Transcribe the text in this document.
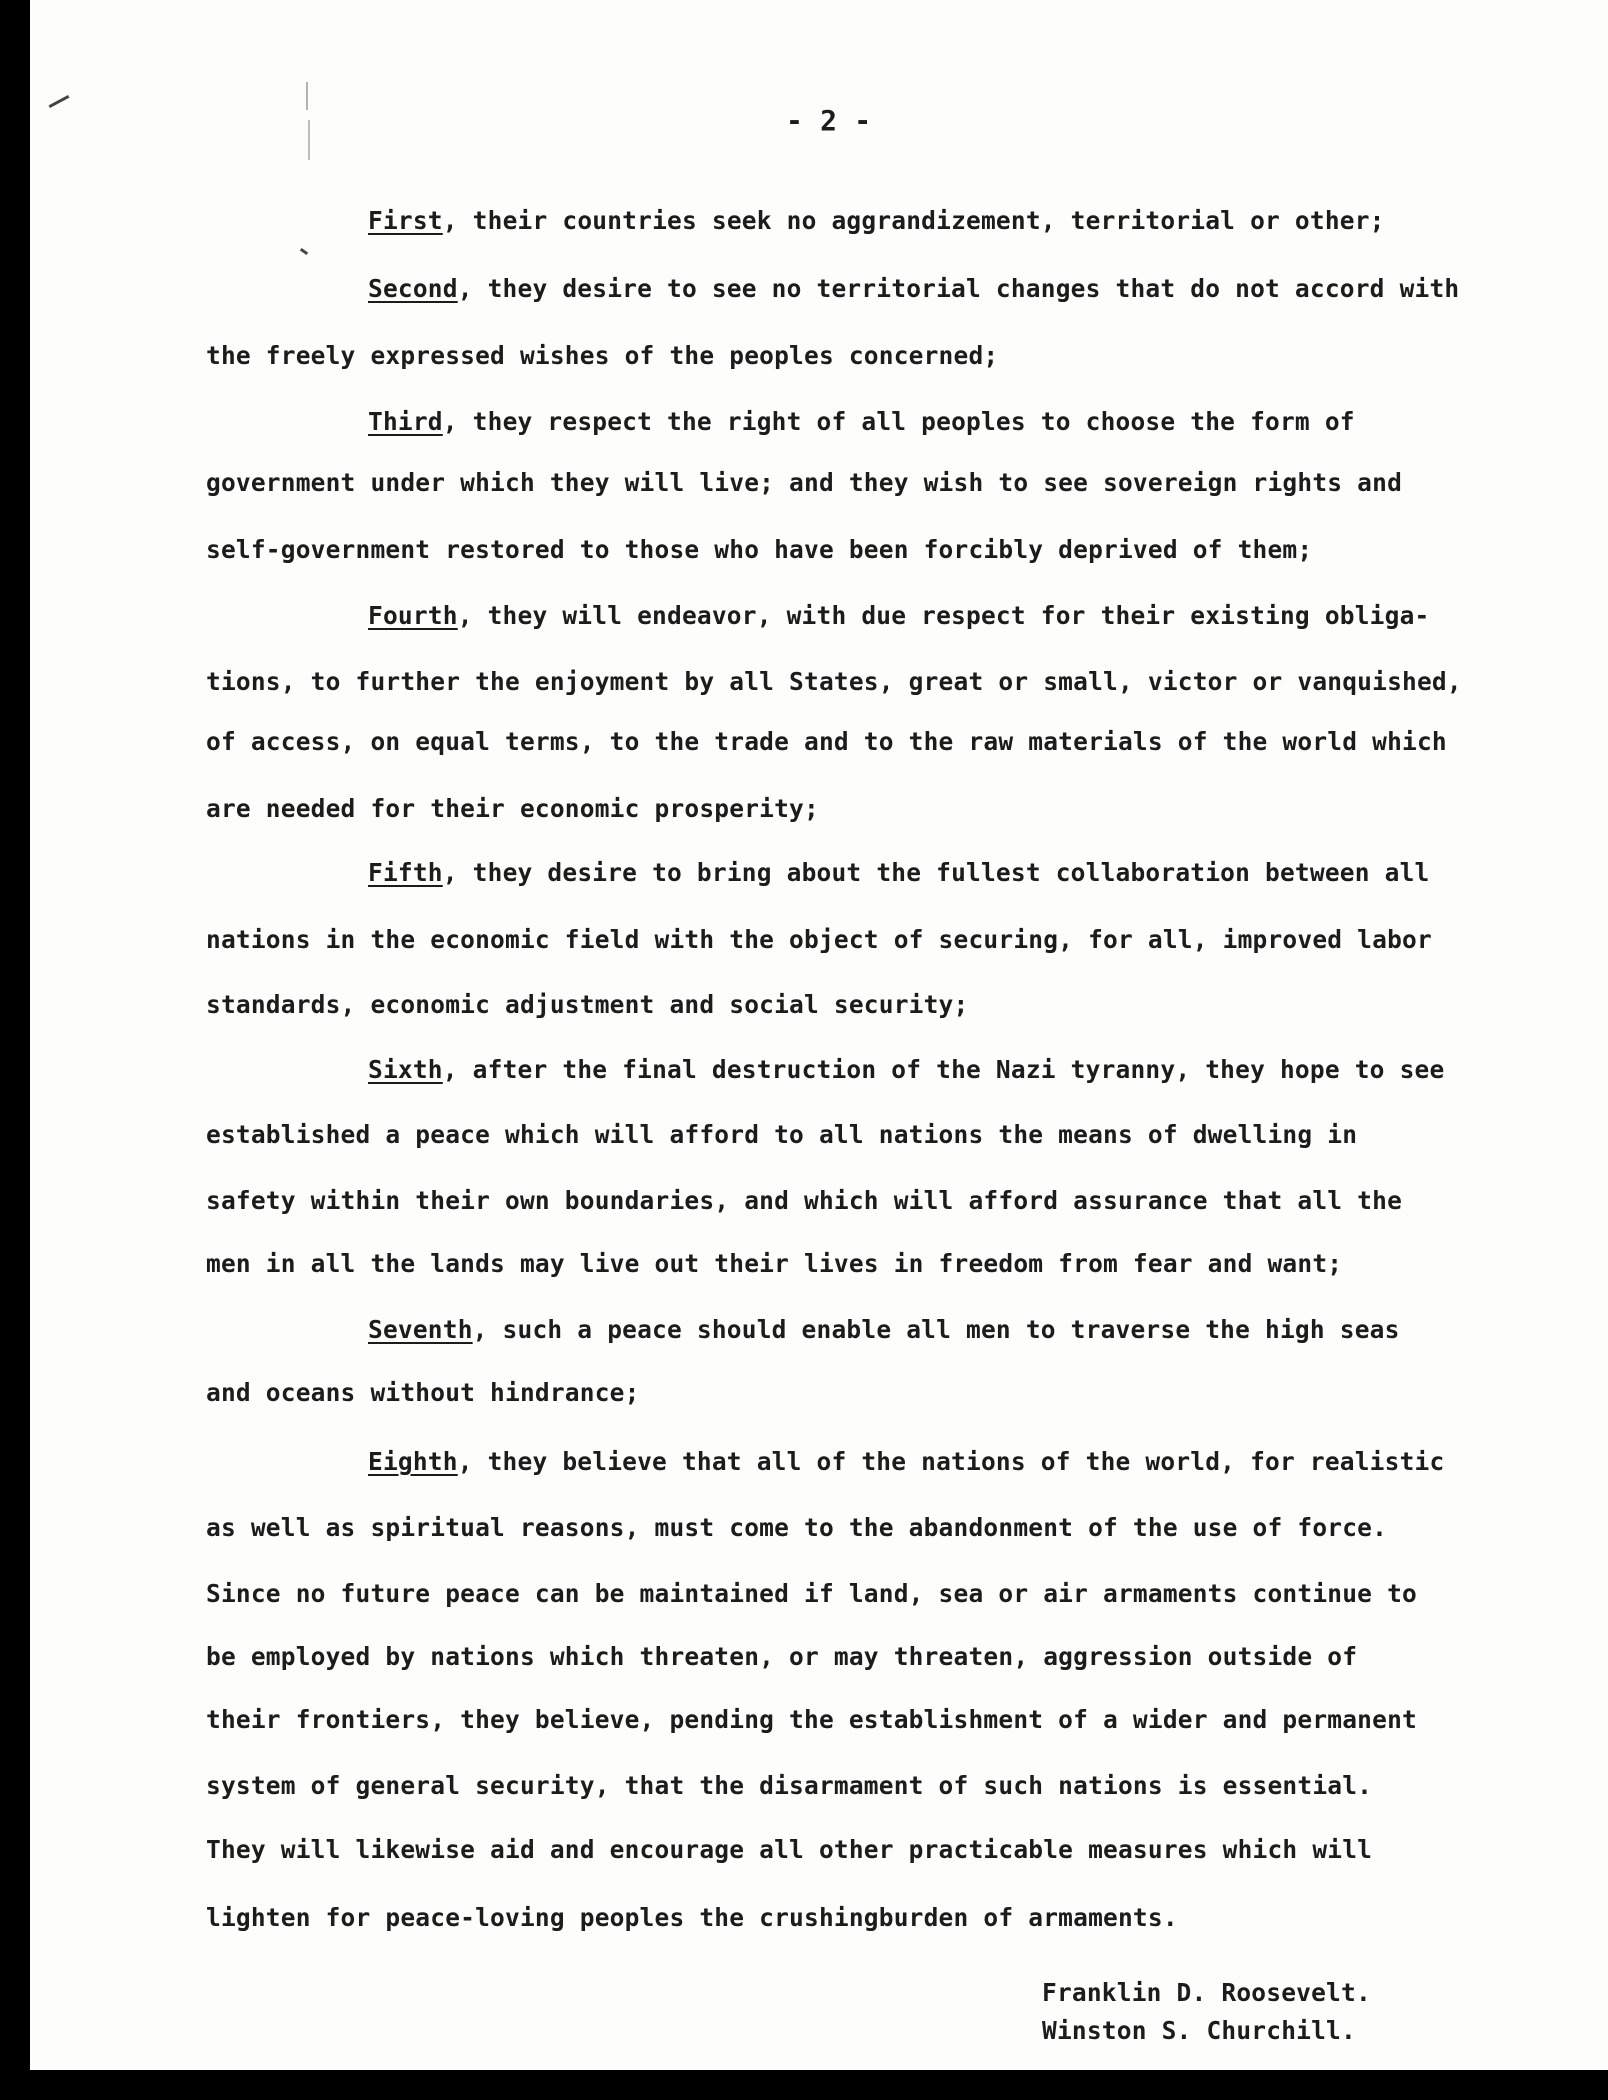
- 2 -
First, their countries seek no aggrandizement, territorial or other;
Second, they desire to see no territorial changes that do not accord with
the freely expressed wishes of the peoples concerned;
Third, they respect the right of all peoples to choose the form of
government under which they will live; and they wish to see sovereign rights and
self-government restored to those who have been forcibly deprived of them;
Fourth, they will endeavor, with due respect for their existing obliga-
tions, to further the enjoyment by all States, great or small, victor or vanquished,
of access, on equal terms, to the trade and to the raw materials of the world which
are needed for their economic prosperity;
Fifth, they desire to bring about the fullest collaboration between all
nations in the economic field with the object of securing, for all, improved labor
standards, economic adjustment and social security;
Sixth, after the final destruction of the Nazi tyranny, they hope to see
established a peace which will afford to all nations the means of dwelling in
safety within their own boundaries, and which will afford assurance that all the
men in all the lands may live out their lives in freedom from fear and want;
Seventh, such a peace should enable all men to traverse the high seas
and oceans without hindrance;
Eighth, they believe that all of the nations of the world, for realistic
as well as spiritual reasons, must come to the abandonment of the use of force.
Since no future peace can be maintained if land, sea or air armaments continue to
be employed by nations which threaten, or may threaten, aggression outside of
their frontiers, they believe, pending the establishment of a wider and permanent
system of general security, that the disarmament of such nations is essential.
They will likewise aid and encourage all other practicable measures which will
lighten for peace-loving peoples the crushingburden of armaments.
Franklin D. Roosevelt.
Winston S. Churchill.
